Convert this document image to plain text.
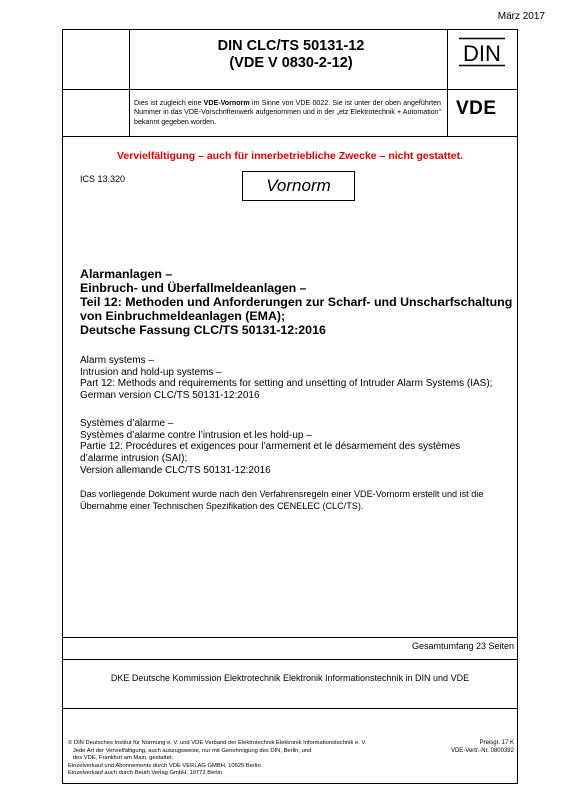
März 2017
DIN CLC/TS 50131-12
(VDE V 0830-2-12)	DIN
Dies ist zugleich eine VDE-Vornorm im Sinne von VDE 0022. Sie ist unter der oben angeführten Nummer in das VDE-Vorschriftenwerk aufgenommen und in der „etz Elektrotechnik + Automation“ bekannt gegeben worden.
VDE
Vervielfältigung – auch für innerbetriebliche Zwecke – nicht gestattet.
ICS 13.320	Vornorm
Alarmanlagen –
Einbruch- und Überfallmeldeanlagen –
Teil 12: Methoden und Anforderungen zur Scharf- und Unscharfschaltung
von Einbruchmeldeanlagen (EMA);
Deutsche Fassung CLC/TS 50131-12:2016
Alarm systems –
Intrusion and hold-up systems –
Part 12: Methods and requirements for setting and unsetting of Intruder Alarm Systems (IAS);
German version CLC/TS 50131-12:2016
Systèmes d’alarme –
Systèmes d’alarme contre l’intrusion et les hold-up –
Partie 12: Procédures et exigences pour l’armement et le désarmement des systèmes
d’alarme intrusion (SAI);
Version allemande CLC/TS 50131-12:2016
Das vorliegende Dokument wurde nach den Verfahrensregeln einer VDE-Vornorm erstellt und ist die Übernahme einer Technischen Spezifikation des CENELEC (CLC/TS).
Gesamtumfang 23 Seiten
DKE Deutsche Kommission Elektrotechnik Elektronik Informationstechnik in DIN und VDE
© DIN Deutsches Institut für Normung e. V. und VDE Verband der Elektrotechnik Elektronik Informationstechnik e. V.
Jede Art der Vervielfältigung, auch auszugsweise, nur mit Genehmigung des DIN, Berlin, und
des VDE, Frankfurt am Main, gestattet.
Einzelverkauf und Abonnements durch VDE VERLAG GMBH, 10625 Berlin
Einzelverkauf auch durch Beuth Verlag GmbH, 10772 Berlin
Preisgr. 17 K
VDE-Vertr.-Nr. 0800392
